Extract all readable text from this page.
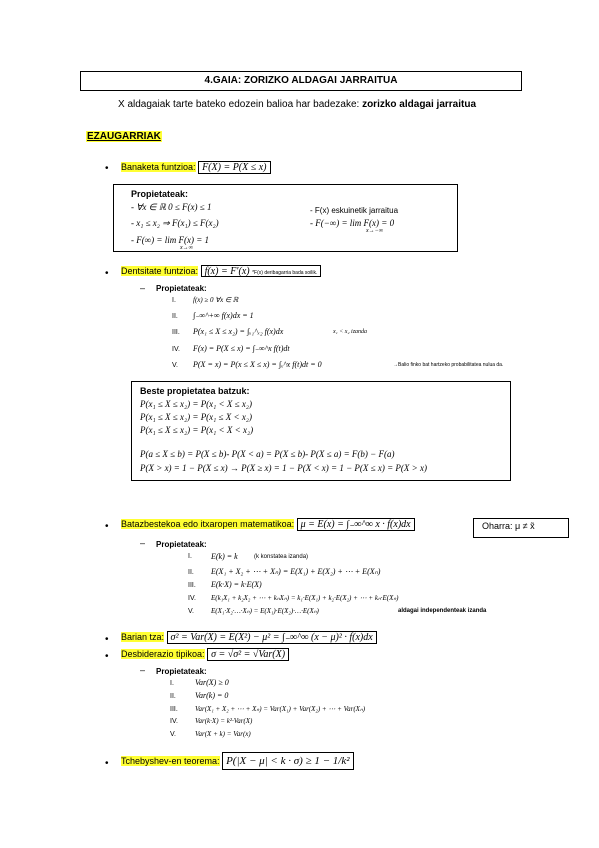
4.GAIA: ZORIZKO ALDAGAI JARRAITUA
X aldagaiak tarte bateko edozein balioa har badezake: zorizko aldagai jarraitua
EZAUGARRIAK
• Banaketa funtzioa: F(X) = P(X ≤ x)
Propietateak:
- ∀x ∈ ℝ 0 ≤ F(x) ≤ 1
- x₁ ≤ x₂ ⇒ F(x₁) ≤ F(x₂)
- F(∞) = lim F(x) = 1
x→∞
- F(x) eskuinetik jarraitua
- F(−∞) = lim F(x) = 0
x→−∞
• Dentsitate funtzioa: f(x) = F′(x) *F(x) deribagarria bada soilik.
– Propietateak:
I. f(x) ≥ 0 ∀x ∈ ℝ
II. ∫₋∞^+∞ f(x)dx = 1
III. P(x₁ ≤ X ≤ x₂) = ∫ₓ₁^ₓ₂ f(x)dx	x₁ < x₂ izanda
IV. F(x) = P(X ≤ x) = ∫₋∞^x f(t)dt
V. P(X = x) = P(x ≤ X ≤ x) = ∫ₓ^x f(t)dt = 0	→Balio finko bat hartzeko probabilitatea nulua da.
Beste propietatea batzuk:
P(x₁ ≤ X ≤ x₂) = P(x₁ < X ≤ x₂)
P(x₁ ≤ X ≤ x₂) = P(x₁ ≤ X < x₂)
P(x₁ ≤ X ≤ x₂) = P(x₁ < X < x₂)
P(a ≤ X ≤ b) = P(X ≤ b)- P(X < a) = P(X ≤ b)- P(X ≤ a) = F(b) − F(a)
P(X > x) = 1 − P(X ≤ x) → P(X ≥ x) = 1 − P(X < x) = 1 − P(X ≤ x) = P(X > x)
• Batazbestekoa edo itxaropen matematikoa: μ = E(x) = ∫₋∞^∞ x · f(x)dx	Oharra: μ ≠ x̃
– Propietateak:
I. E(k) = k	(k konstatea izanda)
II. E(X₁ + X₂ + ⋯ + Xₙ) = E(X₁) + E(X₂) + ⋯ + E(Xₙ)
III. E(k·X) = k·E(X)
IV. E(k₁X₁ + k₂X₂ + ⋯ + kₙXₙ) = k₁·E(X₁) + k₂·E(X₂) + ⋯ + kₙ·E(Xₙ)
V. E(X₁·X₂·…·Xₙ) = E(X₁)·E(X₂)·…·E(Xₙ)	aldagai independenteak izanda
• Barian tza: σ² = Var(X) = E(X²) − μ² = ∫₋∞^∞ (x − μ)² · f(x)dx
• Desbiderazio tipikoa: σ = √σ² = √Var(X)
– Propietateak:
I.	Var(X) ≥ 0
II. Var(k) = 0
III. Var(X₁ + X₂ + ⋯ + Xₙ) = Var(X₁) + Var(X₂) + ⋯ + Var(Xₙ)
IV. Var(k·X) = k²·Var(X)
V.	Var(X + k) = Var(x)
• Tchebyshev-en teorema: P(|X − μ| < k · σ) ≥ 1 − 1/k²
